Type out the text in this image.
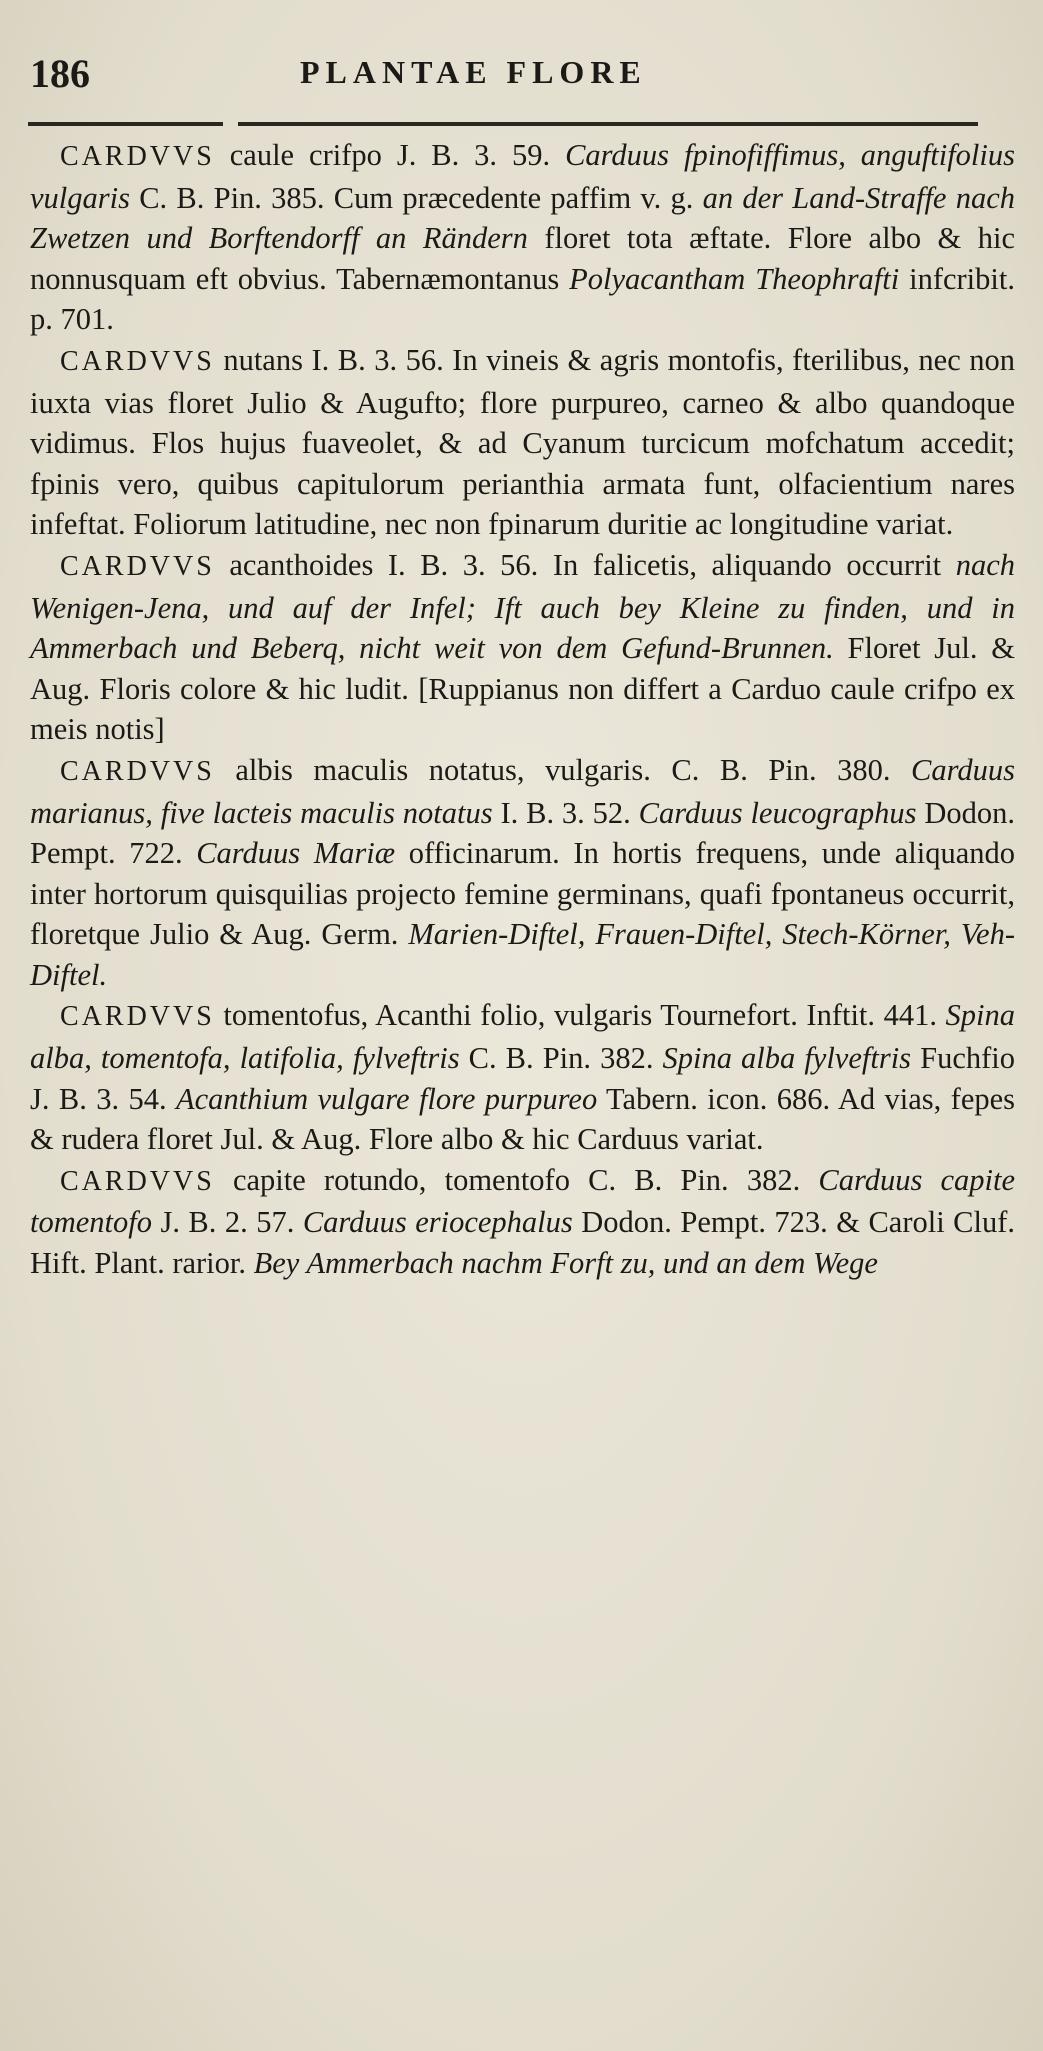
186	PLANTAE FLORE

CARDVVS caule crifpo J. B. 3. 59. Carduus fpinofiffimus, anguftifolius vulgaris C. B. Pin. 385. Cum præcedente paffim v. g. an der Land-Straffe nach Zwetzen und Borftendorff an Rändern floret tota æftate. Flore albo & hic nonnusquam eft obvius. Tabernæmontanus Polyacantham Theophrafti infcribit. p. 701.

CARDVVS nutans I. B. 3. 56. In vineis & agris montofis, fterilibus, nec non iuxta vias floret Julio & Augufto; flore purpureo, carneo & albo quandoque vidimus. Flos hujus fuaveolet, & ad Cyanum turcicum mofchatum accedit; fpinis vero, quibus capitulorum perianthia armata funt, olfacientium nares infeftat. Foliorum latitudine, nec non fpinarum duritie ac longitudine variat.

CARDVVS acanthoides I. B. 3. 56. In falicetis, aliquando occurrit nach Wenigen-Jena, und auf der Infel; Ift auch bey Kleine zu finden, und in Ammerbach und Beberq, nicht weit von dem Gefund-Brunnen. Floret Jul. & Aug. Floris colore & hic ludit. [Ruppianus non differt a Carduo caule crifpo ex meis notis]

CARDVVS albis maculis notatus, vulgaris. C. B. Pin. 380. Carduus marianus, five lacteis maculis notatus I. B. 3. 52. Carduus leucographus Dodon. Pempt. 722. Carduus Mariæ officinarum. In hortis frequens, unde aliquando inter hortorum quisquilias projecto femine germinans, quafi fpontaneus occurrit, floretque Julio & Aug. Germ. Marien-Diftel, Frauen-Diftel, Stech-Körner, Veh-Diftel.

CARDVVS tomentofus, Acanthi folio, vulgaris Tournefort. Inftit. 441. Spina alba, tomentofa, latifolia, fylveftris C. B. Pin. 382. Spina alba fylveftris Fuchfio J. B. 3. 54. Acanthium vulgare flore purpureo Tabern. icon. 686. Ad vias, fepes & rudera floret Jul. & Aug. Flore albo & hic Carduus variat.

CARDVVS capite rotundo, tomentofo C. B. Pin. 382. Carduus capite tomentofo J. B. 2. 57. Carduus eriocephalus Dodon. Pempt. 723. & Caroli Cluf. Hift. Plant. rarior. Bey Ammerbach nachm Forft zu, und an dem Wege
